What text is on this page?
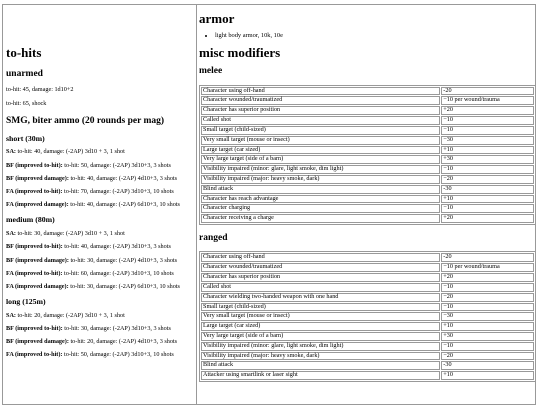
to-hits
unarmed

to-hit: 45, damage: 1d10+2

to-hit: 65, shock

SMG, biter ammo (20 rounds per mag)
short (30m)

SA: to-hit: 40, damage: (-2AP) 3d10 + 3, 1 shot

BF (improved to-hit): to-hit: 50, damage: (-2AP) 3d10+3, 3 shots

BF (improved damage): to-hit: 40, damage: (-2AP) 4d10+3, 3 shots

FA (improved to-hit): to-hit: 70, damage: (-2AP) 3d10+3, 10 shots

FA (improved damage): to-hit: 40, damage: (-2AP) 6d10+3, 10 shots

medium (80m)

SA: to-hit: 30, damage: (-2AP) 3d10 + 3, 1 shot

BF (improved to-hit): to-hit: 40, damage: (-2AP) 3d10+3, 3 shots

BF (improved damage): to-hit: 30, damage: (-2AP) 4d10+3, 3 shots

FA (improved to-hit): to-hit: 60, damage: (-2AP) 3d10+3, 10 shots

FA (improved damage): to-hit: 30, damage: (-2AP) 6d10+3, 10 shots

long (125m)

SA: to-hit: 20, damage: (-2AP) 3d10 + 3, 1 shot

BF (improved to-hit): to-hit: 30, damage: (-2AP) 3d10+3, 3 shots

BF (improved damage): to-hit: 20, damage: (-2AP) 4d10+3, 3 shots

FA (improved to-hit): to-hit: 50, damage: (-2AP) 3d10+3, 10 shots

armor
• light body armor, 10k, 10e
misc modifiers
melee
Character using off-hand	-20
Character wounded/traumatized	−10 per wound/trauma
Character has superior position	+20
Called shot	−10
Small target (child-sized)	−10
Very small target (mouse or insect)	−30
Large target (car sized)	+10
Very large target (side of a barn)	+30
Visibility impaired (minor: glare, light smoke, dim light)	−10
Visibility impaired (major: heavy smoke, dark)	−20
Blind attack	-30
Character has reach advantage	+10
Character charging	−10
Character receiving a charge	+20
ranged
Character using off-hand	-20
Character wounded/traumatized	−10 per wound/trauma
Character has superior position	+20
Called shot	−10
Character wielding two-handed weapon with one hand	−20
Small target (child-sized)	−10
Very small target (mouse or insect)	−30
Large target (car sized)	+10
Very large target (side of a barn)	+30
Visibility impaired (minor: glare, light smoke, dim light)	−10
Visibility impaired (major: heavy smoke, dark)	−20
Blind attack	-30
Attacker using smartlink or laser sight	+10
